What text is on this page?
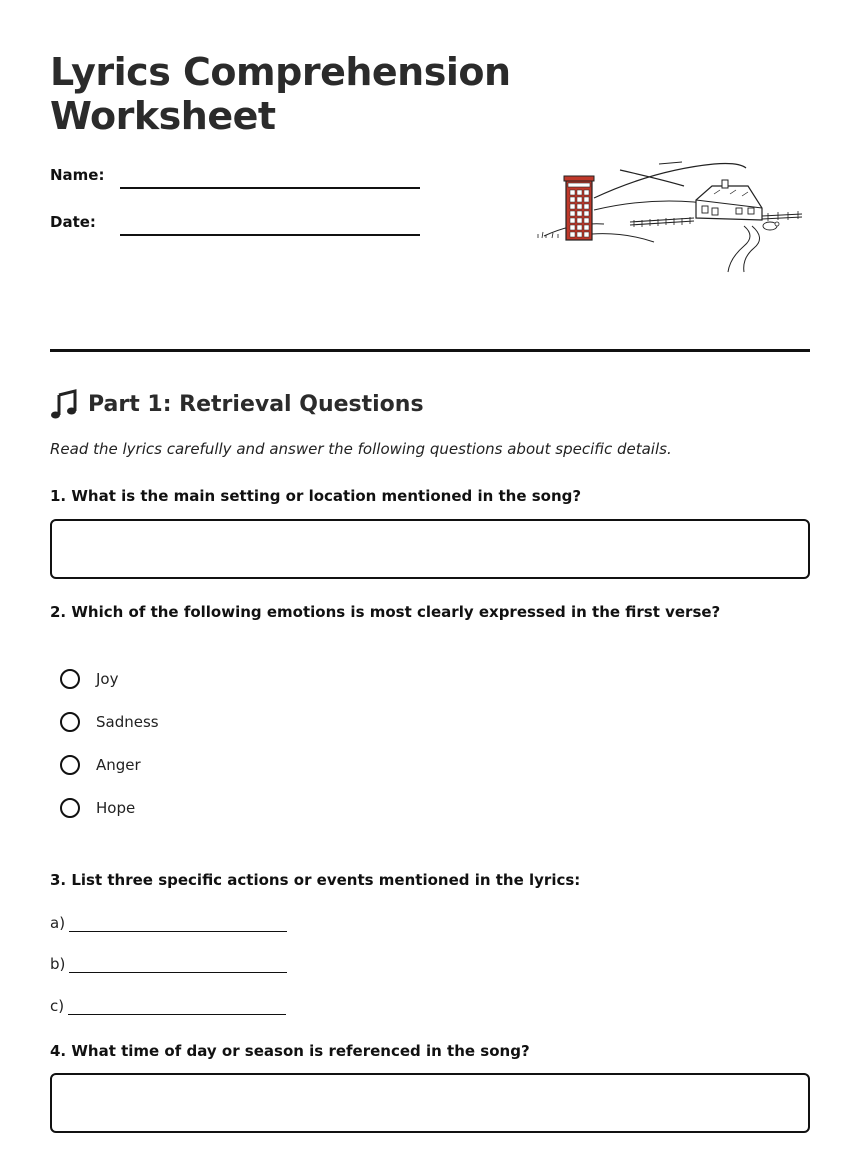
Lyrics Comprehension Worksheet
Name:
Date:
Part 1: Retrieval Questions

Read the lyrics carefully and answer the following questions about specific details.

1. What is the main setting or location mentioned in the song?
2. Which of the following emotions is most clearly expressed in the first verse?
Joy
Sadness
Anger
Hope
3. List three specific actions or events mentioned in the lyrics:
a)
b)
c)
4. What time of day or season is referenced in the song?
